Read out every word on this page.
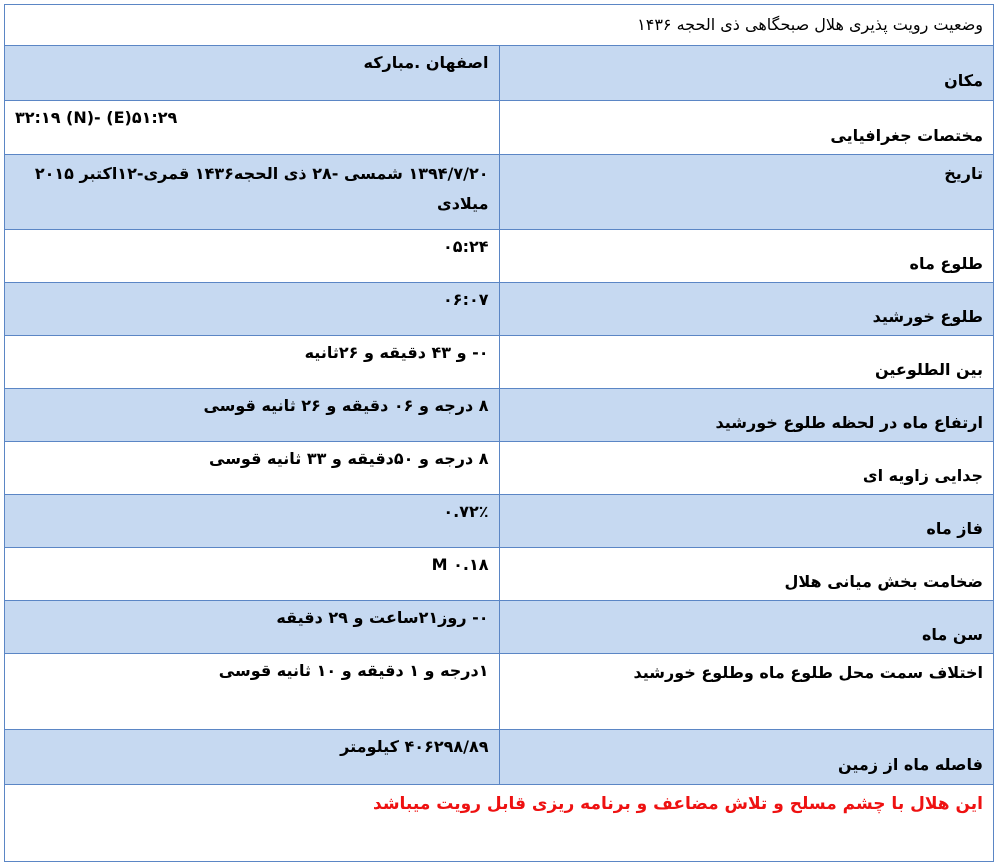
وضعیت رویت پذیری هلال صبحگاهی ذی الحجه ۱۴۳۶	
مکان	اصفهان .مبارکه
مختصات جغرافیایی	۳۲:۱۹ (N)- (E)۵۱:۲۹
تاریخ	۱۳۹۴/۷/۲۰ شمسی -۲۸ ذی الحجه۱۴۳۶ قمری-۱۲اکتبر ۲۰۱۵ میلادی
طلوع ماه	۰۵:۲۴
طلوع خورشید	۰۶:۰۷
بین الطلوعین	۰- و ۴۳ دقیقه و ۲۶ثانیه
ارتفاع ماه در لحظه طلوع خورشید	۸ درجه و ۰۶ دقیقه و ۲۶ ثانیه قوسی
جدایی زاویه ای	۸ درجه و ۵۰دقیقه و ۳۳ ثانیه قوسی
فاز ماه	۰.۷۲٪
ضخامت بخش میانی هلال	۰.۱۸ M
سن ماه	۰- روز۲۱ساعت و ۲۹ دقیقه
اختلاف سمت محل طلوع ماه وطلوع خورشید	۱درجه و ۱ دقیقه و ۱۰ ثانیه قوسی
فاصله ماه از زمین	۴۰۶۲۹۸/۸۹ کیلومتر
این هلال با چشم مسلح و تلاش مضاعف و برنامه ریزی قابل رویت میباشد	
